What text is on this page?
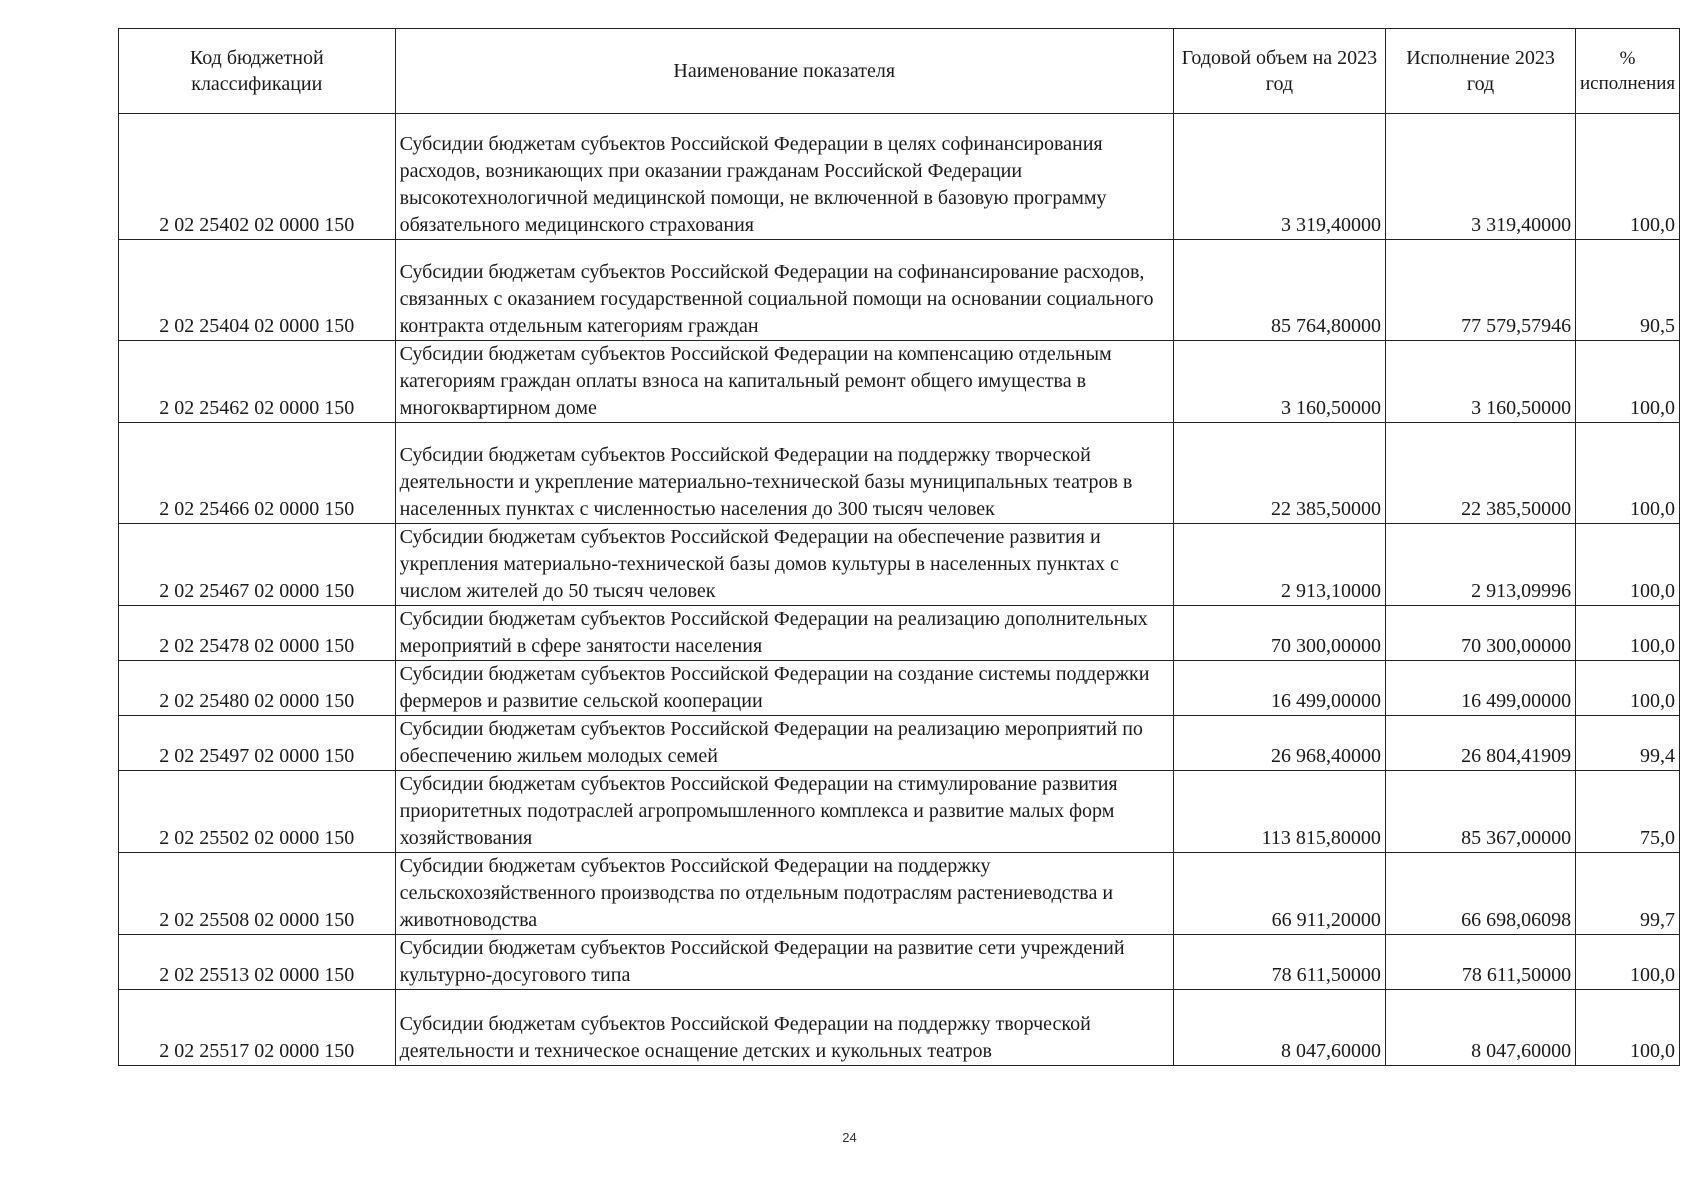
Код бюджетной классификации	Наименование показателя	Годовой объем на 2023 год	Исполнение 2023 год	% исполнения
2 02 25402 02 0000 150	Субсидии бюджетам субъектов Российской Федерации в целях софинансирования расходов, возникающих при оказании гражданам Российской Федерации высокотехнологичной медицинской помощи, не включенной в базовую программу обязательного медицинского страхования	3 319,40000	3 319,40000	100,0
2 02 25404 02 0000 150	Субсидии бюджетам субъектов Российской Федерации на софинансирование расходов, связанных с оказанием государственной социальной помощи на основании социального контракта отдельным категориям граждан	85 764,80000	77 579,57946	90,5
2 02 25462 02 0000 150	Субсидии бюджетам субъектов Российской Федерации на компенсацию отдельным категориям граждан оплаты взноса на капитальный ремонт общего имущества в многоквартирном доме	3 160,50000	3 160,50000	100,0
2 02 25466 02 0000 150	Субсидии бюджетам субъектов Российской Федерации на поддержку творческой деятельности и укрепление материально-технической базы муниципальных театров в населенных пунктах с численностью населения до 300 тысяч человек	22 385,50000	22 385,50000	100,0
2 02 25467 02 0000 150	Субсидии бюджетам субъектов Российской Федерации на обеспечение развития и укрепления материально-технической базы домов культуры в населенных пунктах с числом жителей до 50 тысяч человек	2 913,10000	2 913,09996	100,0
2 02 25478 02 0000 150	Субсидии бюджетам субъектов Российской Федерации на реализацию дополнительных мероприятий в сфере занятости населения	70 300,00000	70 300,00000	100,0
2 02 25480 02 0000 150	Субсидии бюджетам субъектов Российской Федерации на создание системы поддержки фермеров и развитие сельской кооперации	16 499,00000	16 499,00000	100,0
2 02 25497 02 0000 150	Субсидии бюджетам субъектов Российской Федерации на реализацию мероприятий по обеспечению жильем молодых семей	26 968,40000	26 804,41909	99,4
2 02 25502 02 0000 150	Субсидии бюджетам субъектов Российской Федерации на стимулирование развития приоритетных подотраслей агропромышленного комплекса и развитие малых форм хозяйствования	113 815,80000	85 367,00000	75,0
2 02 25508 02 0000 150	Субсидии бюджетам субъектов Российской Федерации на поддержку сельскохозяйственного производства по отдельным подотраслям растениеводства и животноводства	66 911,20000	66 698,06098	99,7
2 02 25513 02 0000 150	Субсидии бюджетам субъектов Российской Федерации на развитие сети учреждений культурно-досугового типа	78 611,50000	78 611,50000	100,0
2 02 25517 02 0000 150	Субсидии бюджетам субъектов Российской Федерации на поддержку творческой деятельности и техническое оснащение детских и кукольных театров	8 047,60000	8 047,60000	100,0
24
